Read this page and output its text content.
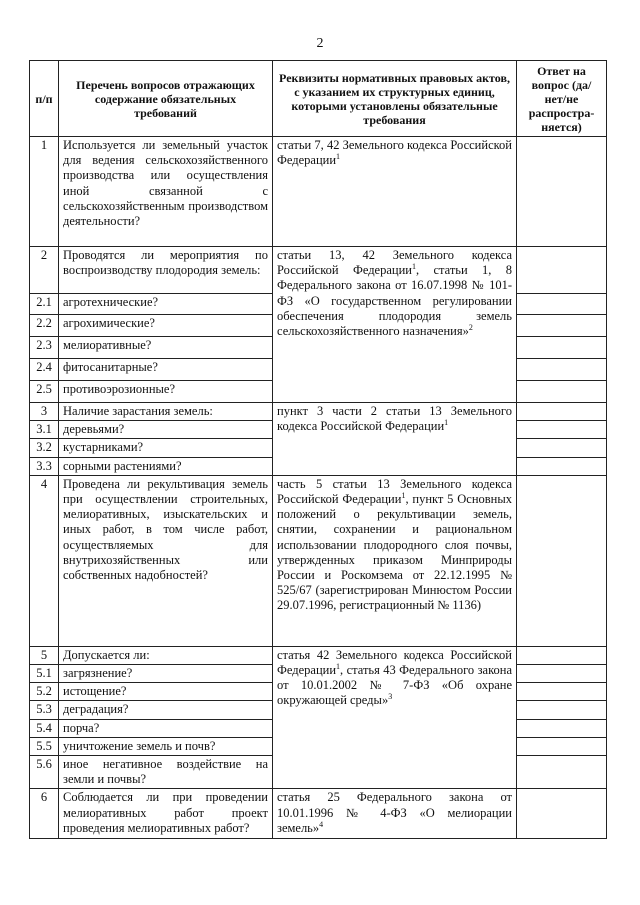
2
п/п	Перечень вопросов отражающих содержание обязательных требований	Реквизиты нормативных правовых актов, с указанием их структурных единиц, которыми установлены обязательные требования	Ответ на вопрос (да/нет/не распростра-няется)
1	Используется ли земельный участок для ведения сельскохозяйственного производства или осуществления иной связанной с сельскохозяйственным производством деятельности?	статьи 7, 42 Земельного кодекса Российской Федерации$^1$	
2	Проводятся ли мероприятия по воспроизводству плодородия земель:	статьи 13, 42 Земельного кодекса Российской Федерации$^1$, статьи 1, 8 Федерального закона от 16.07.1998 № 101-ФЗ «О государственном регулировании обеспечения плодородия земель сельскохозяйственного назначения»$^2$	
2.1	агротехнические?		
2.2	агрохимические?		
2.3	мелиоративные?		
2.4	фитосанитарные?		
2.5	противоэрозионные?		
3	Наличие зарастания земель:	пункт 3 части 2 статьи 13 Земельного кодекса Российской Федерации$^1$	
3.1	деревьями?		
3.2	кустарниками?		
3.3	сорными растениями?		
4	Проведена ли рекультивация земель при осуществлении строительных, мелиоративных, изыскательских и иных работ, в том числе работ, осуществляемых для внутрихозяйственных или собственных надобностей?	часть 5 статьи 13 Земельного кодекса Российской Федерации$^1$, пункт 5 Основных положений о рекультивации земель, снятии, сохранении и рациональном использовании плодородного слоя почвы, утвержденных приказом Минприроды России и Роскомзема от 22.12.1995 № 525/67 (зарегистрирован Минюстом России 29.07.1996, регистрационный № 1136)	
5	Допускается ли:	статья 42 Земельного кодекса Российской Федерации$^1$, статья 43 Федерального закона от 10.01.2002 № 7-ФЗ «Об охране окружающей среды»$^3$	
5.1	загрязнение?		
5.2	истощение?		
5.3	деградация?		
5.4	порча?		
5.5	уничтожение земель и почв?		
5.6	иное негативное воздействие на земли и почвы?		
6	Соблюдается ли при проведении мелиоративных работ проект проведения мелиоративных работ?	статья 25 Федерального закона от 10.01.1996 № 4-ФЗ «О мелиорации земель»$^4$	
